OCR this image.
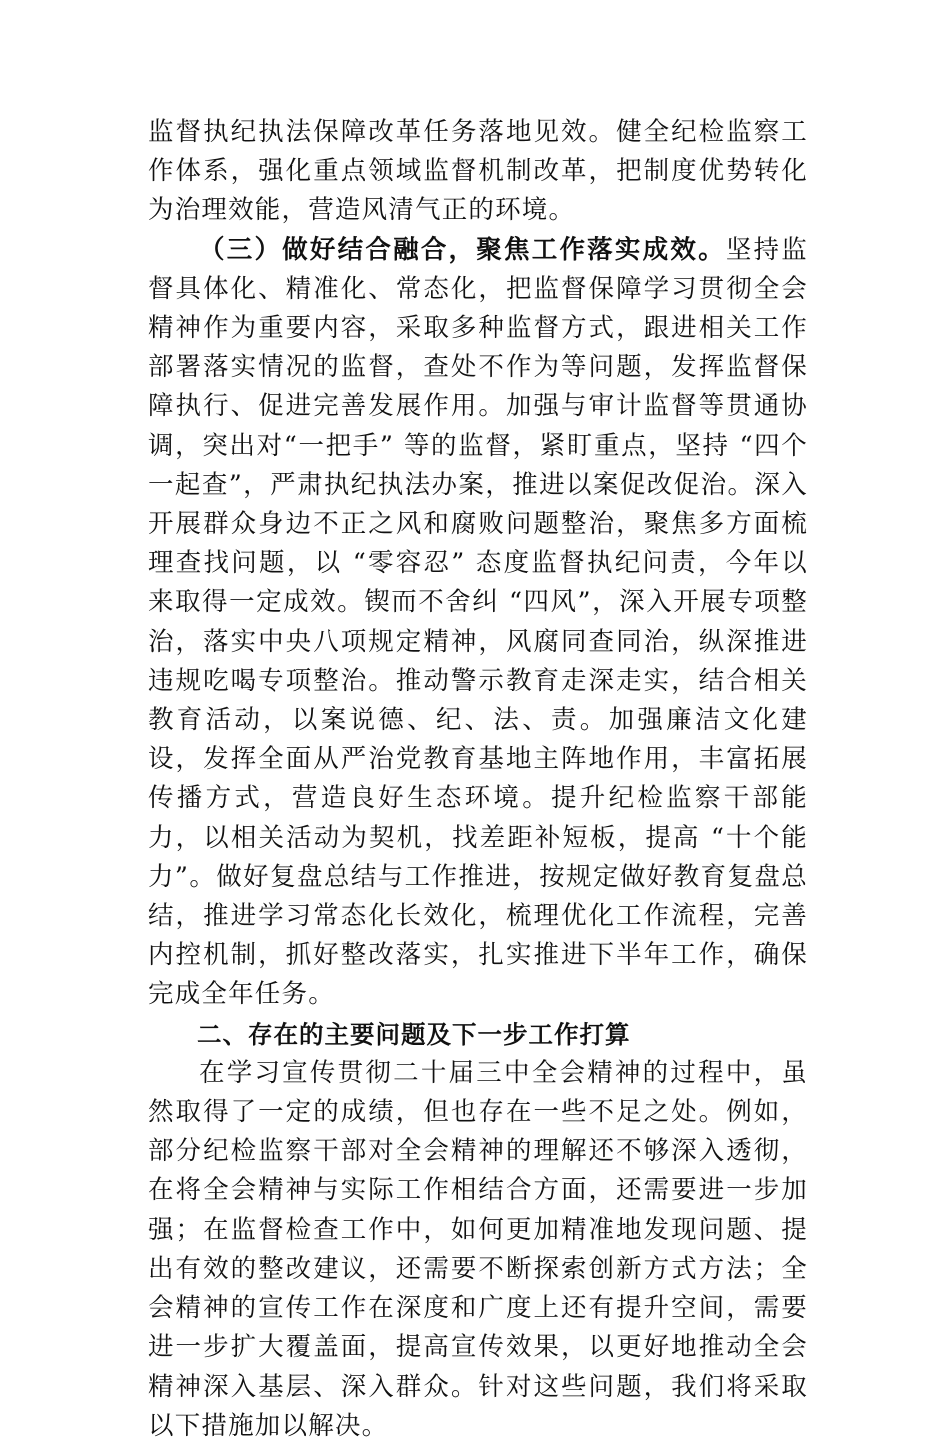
监督执纪执法保障改革任务落地见效。健全纪检监察工作体系，强化重点领域监督机制改革，把制度优势转化为治理效能，营造风清气正的环境。

（三）做好结合融合，聚焦工作落实成效。坚持监督具体化、精准化、常态化，把监督保障学习贯彻全会精神作为重要内容，采取多种监督方式，跟进相关工作部署落实情况的监督，查处不作为等问题，发挥监督保障执行、促进完善发展作用。加强与审计监督等贯通协调，突出对“一把手” 等的监督，紧盯重点，坚持 “四个一起查”，严肃执纪执法办案，推进以案促改促治。深入开展群众身边不正之风和腐败问题整治，聚焦多方面梳理查找问题，以 “零容忍” 态度监督执纪问责，今年以来取得一定成效。锲而不舍纠 “四风”，深入开展专项整治，落实中央八项规定精神，风腐同查同治，纵深推进违规吃喝专项整治。推动警示教育走深走实，结合相关教育活动，以案说德、纪、法、责。加强廉洁文化建设，发挥全面从严治党教育基地主阵地作用，丰富拓展传播方式，营造良好生态环境。提升纪检监察干部能力，以相关活动为契机，找差距补短板，提高 “十个能力”。做好复盘总结与工作推进，按规定做好教育复盘总结，推进学习常态化长效化，梳理优化工作流程，完善内控机制，抓好整改落实，扎实推进下半年工作，确保完成全年任务。

二、存在的主要问题及下一步工作打算

在学习宣传贯彻二十届三中全会精神的过程中，虽然取得了一定的成绩，但也存在一些不足之处。例如，部分纪检监察干部对全会精神的理解还不够深入透彻，在将全会精神与实际工作相结合方面，还需要进一步加强；在监督检查工作中，如何更加精准地发现问题、提出有效的整改建议，还需要不断探索创新方式方法；全会精神的宣传工作在深度和广度上还有提升空间，需要进一步扩大覆盖面，提高宣传效果，以更好地推动全会精神深入基层、深入群众。针对这些问题，我们将采取以下措施加以解决。
